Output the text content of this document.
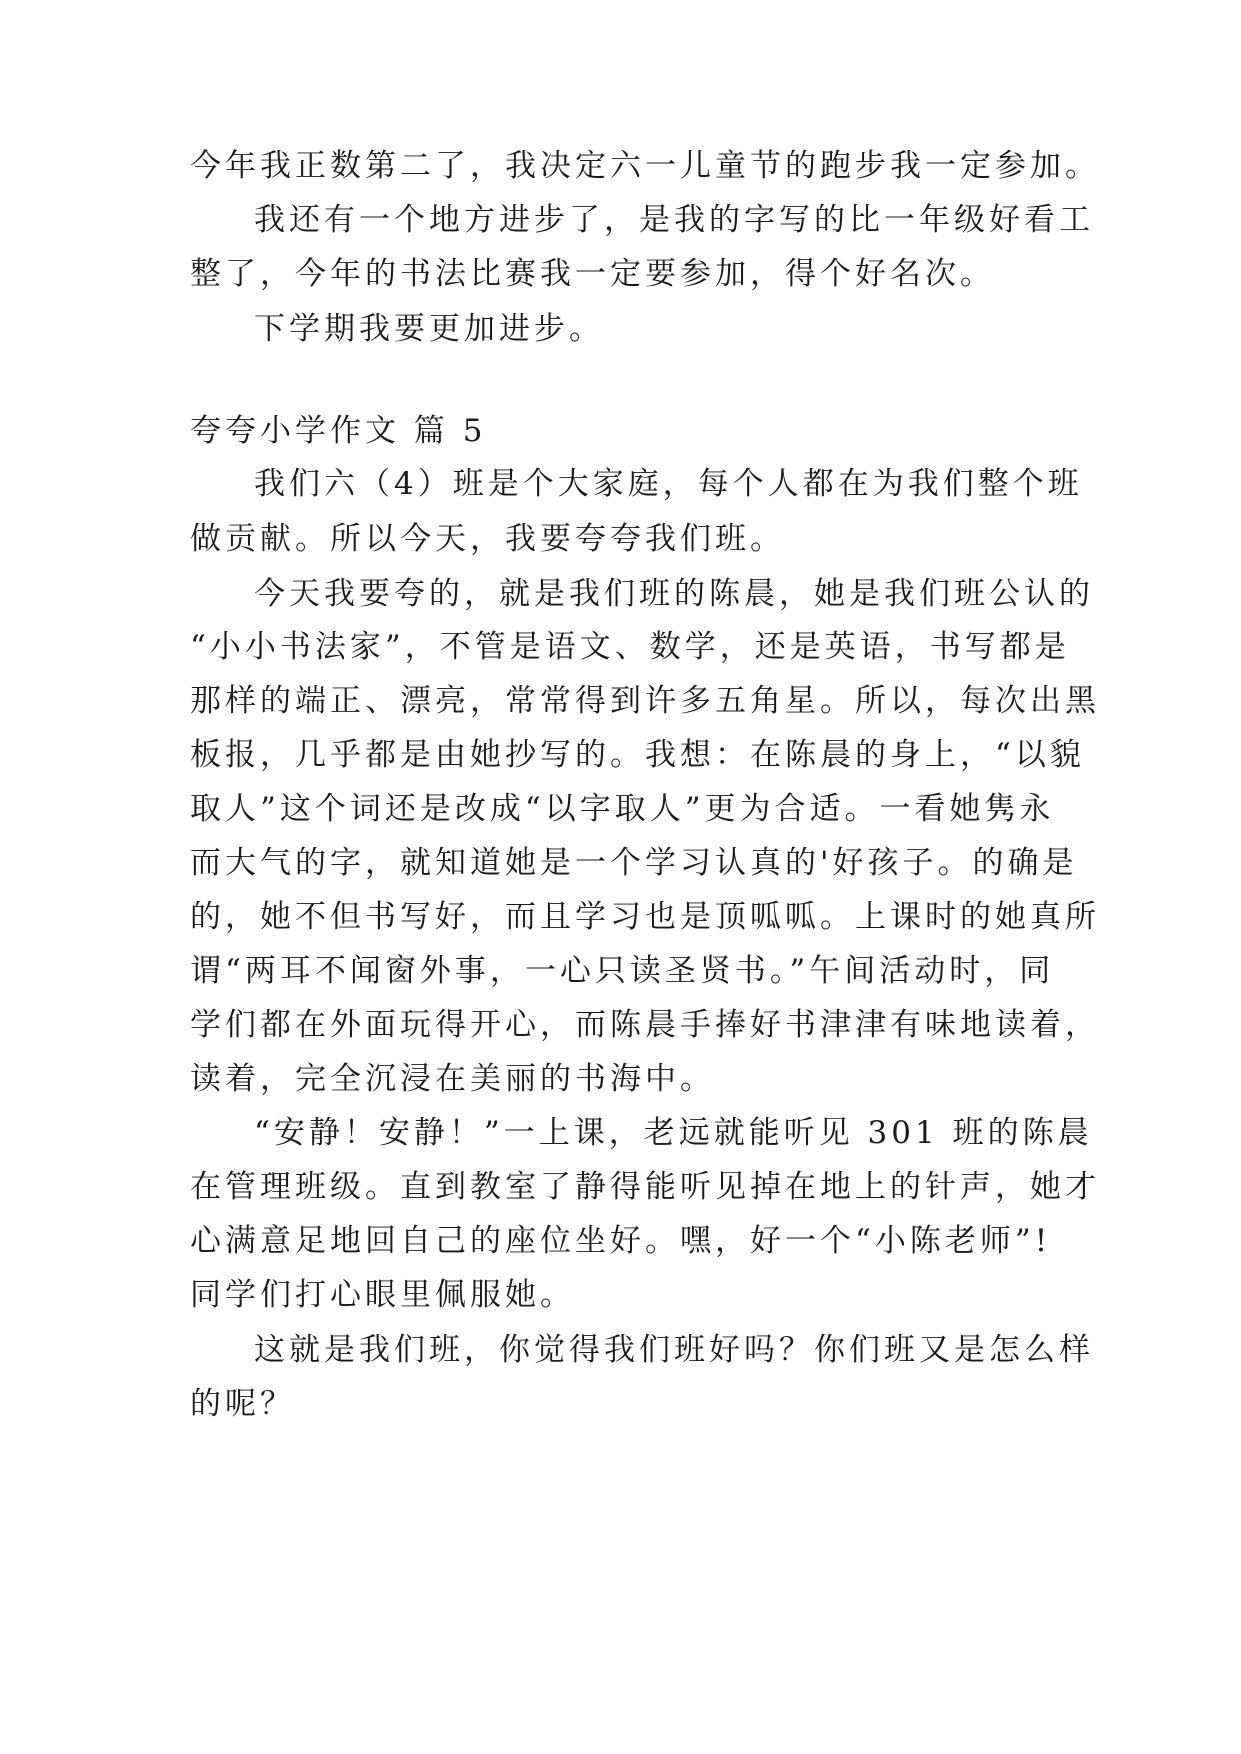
今年我正数第二了，我决定六一儿童节的跑步我一定参加。
我还有一个地方进步了，是我的字写的比一年级好看工
整了，今年的书法比赛我一定要参加，得个好名次。
下学期我要更加进步。
夸夸小学作文 篇 5
我们六（4）班是个大家庭，每个人都在为我们整个班
做贡献。所以今天，我要夸夸我们班。
今天我要夸的，就是我们班的陈晨，她是我们班公认的
“小小书法家”，不管是语文、数学，还是英语，书写都是
那样的端正、漂亮，常常得到许多五角星。所以，每次出黑
板报，几乎都是由她抄写的。我想：在陈晨的身上，“以貌
取人”这个词还是改成“以字取人”更为合适。一看她隽永
而大气的字，就知道她是一个学习认真的'好孩子。的确是
的，她不但书写好，而且学习也是顶呱呱。上课时的她真所
谓“两耳不闻窗外事，一心只读圣贤书。”午间活动时，同
学们都在外面玩得开心，而陈晨手捧好书津津有味地读着，
读着，完全沉浸在美丽的书海中。
“安静！安静！”一上课，老远就能听见 301 班的陈晨
在管理班级。直到教室了静得能听见掉在地上的针声，她才
心满意足地回自己的座位坐好。嘿，好一个“小陈老师”!
同学们打心眼里佩服她。
这就是我们班，你觉得我们班好吗？你们班又是怎么样
的呢？
